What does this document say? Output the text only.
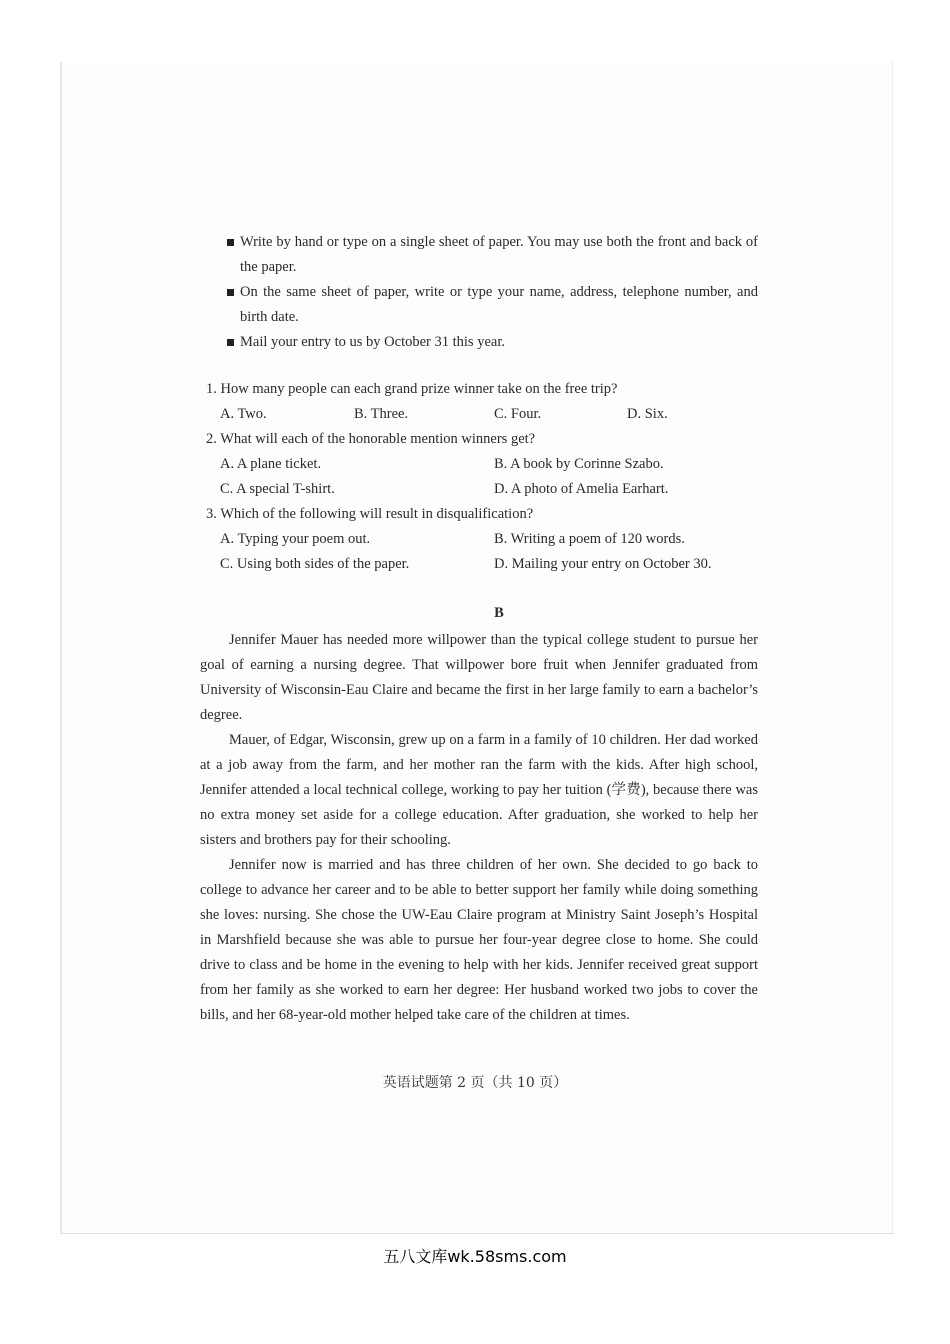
Write by hand or type on a single sheet of paper. You may use both the front and back of the paper.
On the same sheet of paper, write or type your name, address, telephone number, and birth date.
Mail your entry to us by October 31 this year.
1. How many people can each grand prize winner take on the free trip?
A. Two.	B. Three.	C. Four.	D. Six.
2. What will each of the honorable mention winners get?
A. A plane ticket.	B. A book by Corinne Szabo.
C. A special T-shirt.	D. A photo of Amelia Earhart.
3. Which of the following will result in disqualification?
A. Typing your poem out.	B. Writing a poem of 120 words.
C. Using both sides of the paper.	D. Mailing your entry on October 30.
B

Jennifer Mauer has needed more willpower than the typical college student to pursue her goal of earning a nursing degree. That willpower bore fruit when Jennifer graduated from University of Wisconsin-Eau Claire and became the first in her large family to earn a bachelor’s degree.

Mauer, of Edgar, Wisconsin, grew up on a farm in a family of 10 children. Her dad worked at a job away from the farm, and her mother ran the farm with the kids. After high school, Jennifer attended a local technical college, working to pay her tuition (学费), because there was no extra money set aside for a college education. After graduation, she worked to help her sisters and brothers pay for their schooling.

Jennifer now is married and has three children of her own. She decided to go back to college to advance her career and to be able to better support her family while doing something she loves: nursing. She chose the UW-Eau Claire program at Ministry Saint Joseph’s Hospital in Marshfield because she was able to pursue her four-year degree close to home. She could drive to class and be home in the evening to help with her kids. Jennifer received great support from her family as she worked to earn her degree: Her husband worked two jobs to cover the bills, and her 68-year-old mother helped take care of the children at times.

英语试题第 2 页（共 10 页）
五八文库wk.58sms.com
